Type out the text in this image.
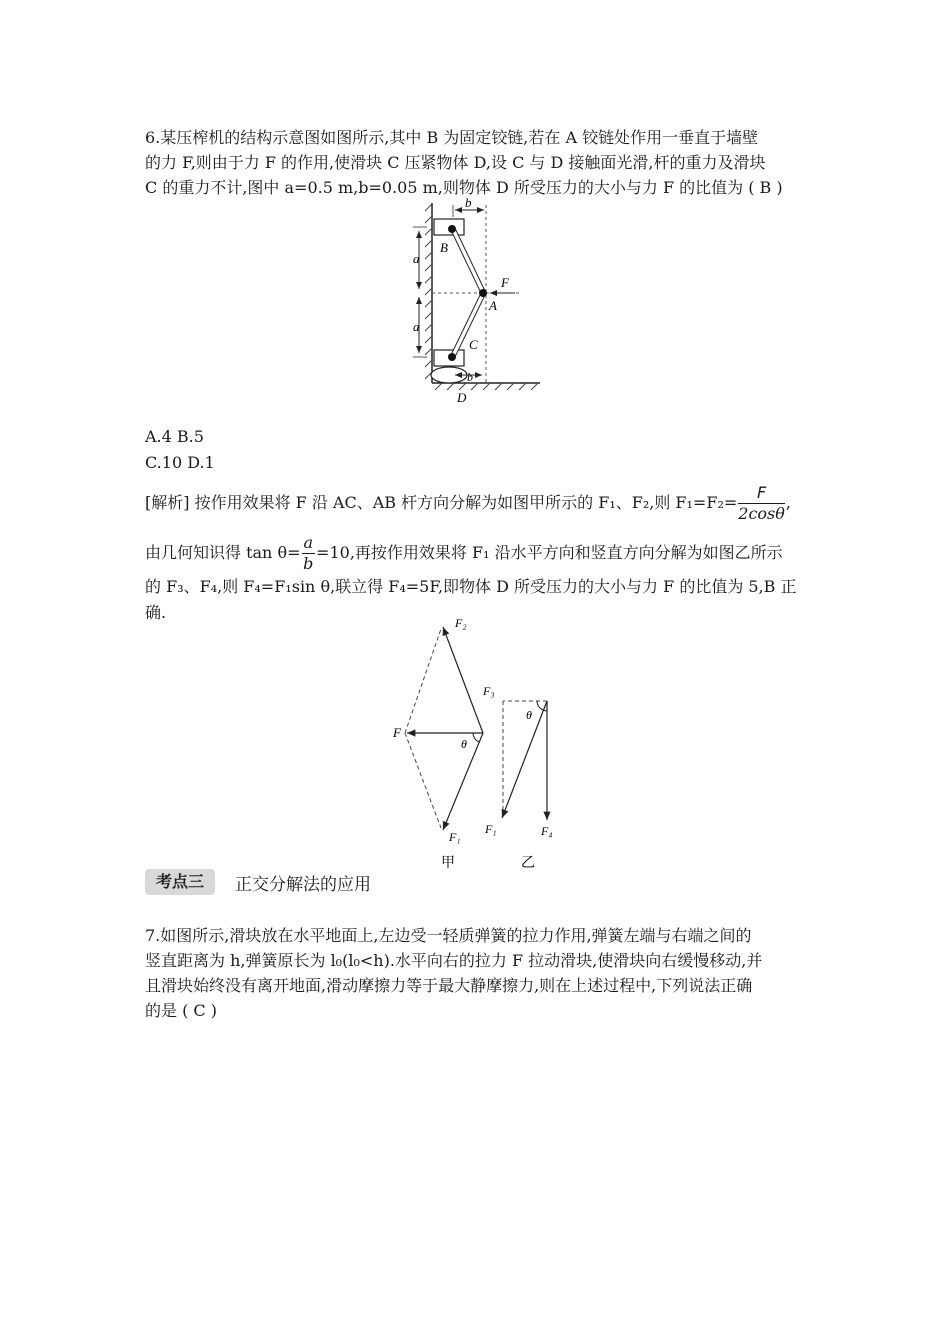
6.某压榨机的结构示意图如图所示,其中 B 为固定铰链,若在 A 铰链处作用一垂直于墙壁
的力 F,则由于力 F 的作用,使滑块 C 压紧物体 D,设 C 与 D 接触面光滑,杆的重力及滑块
C 的重力不计,图中 a=0.5 m,b=0.05 m,则物体 D 所受压力的大小与力 F 的比值为 ( B )
b
a
a
F
A
B
C
b
D
A.4 B.5
C.10 D.1
[解析] 按作用效果将 F 沿 AC、AB 杆方向分解为如图甲所示的 F₁、F₂,则 $F_1=F_2= \frac{F}{2\cos\theta}$ ,
由几何知识得 $\tan \theta= \frac{a}{b} =10$,再按作用效果将 F₁ 沿水平方向和竖直方向分解为如图乙所示
的 F₃、F₄,则 F₄=F₁sin θ,联立得 F₄=5F,即物体 D 所受压力的大小与力 F 的比值为 5,B 正
确.
F₂
F
θ
F₁
甲
F₃
θ
F₁	F₄
乙
考点三	正交分解法的应用
7.如图所示,滑块放在水平地面上,左边受一轻质弹簧的拉力作用,弹簧左端与右端之间的
竖直距离为 h,弹簧原长为 l₀(l₀<h).水平向右的拉力 F 拉动滑块,使滑块向右缓慢移动,并
且滑块始终没有离开地面,滑动摩擦力等于最大静摩擦力,则在上述过程中,下列说法正确
的是 ( C )
